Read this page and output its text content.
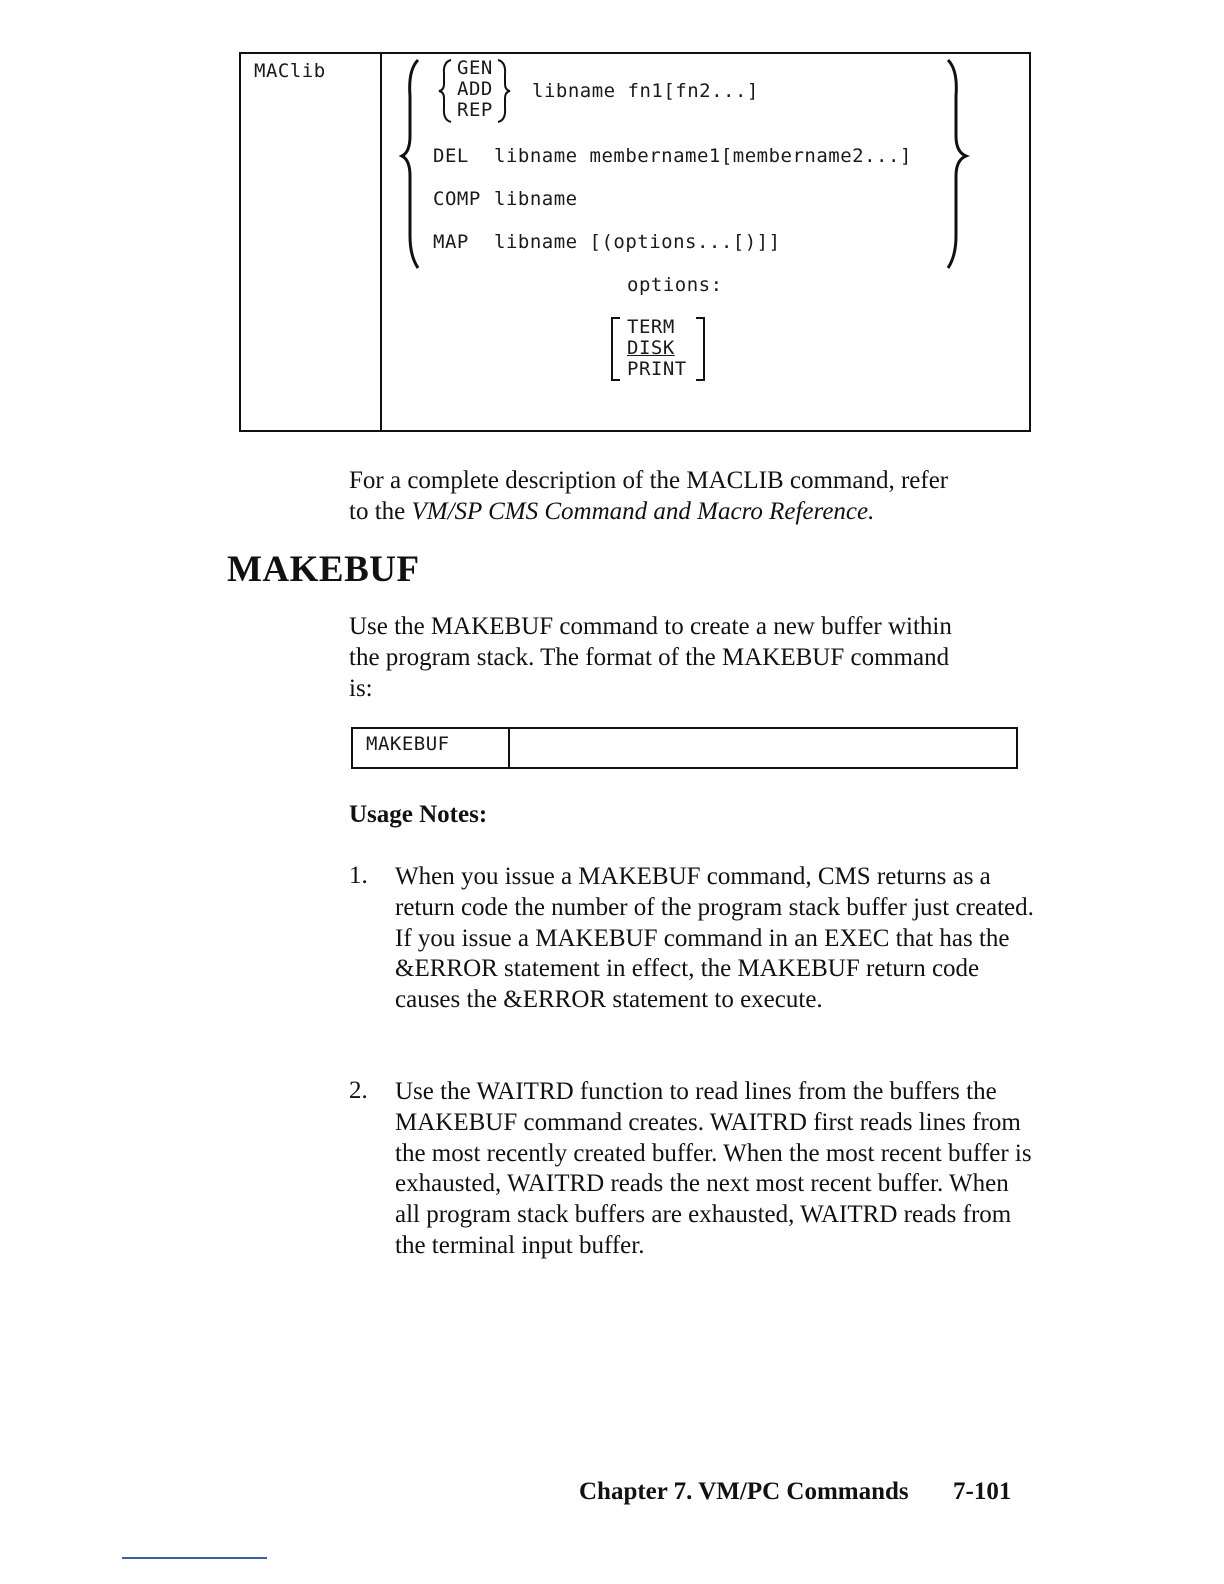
MAClib	GEN
ADD
REP
libname fn1[fn2...]
DEL libname membername1[membername2...]
COMP libname
MAP libname [(options...[)]]
options:
TERM
DISK
PRINT
For a complete description of the MACLIB command, refer
to the VM/SP CMS Command and Macro Reference.
MAKEBUF
Use the MAKEBUF command to create a new buffer within
the program stack. The format of the MAKEBUF command
is:
MAKEBUF
Usage Notes:
1. When you issue a MAKEBUF command, CMS returns as a return code the number of the program stack buffer just created. If you issue a MAKEBUF command in an EXEC that has the &ERROR statement in effect, the MAKEBUF return code causes the &ERROR statement to execute.
2. Use the WAITRD function to read lines from the buffers the MAKEBUF command creates. WAITRD first reads lines from the most recently created buffer. When the most recent buffer is exhausted, WAITRD reads the next most recent buffer. When all program stack buffers are exhausted, WAITRD reads from the terminal input buffer.
Chapter 7. VM/PC Commands 7-101
